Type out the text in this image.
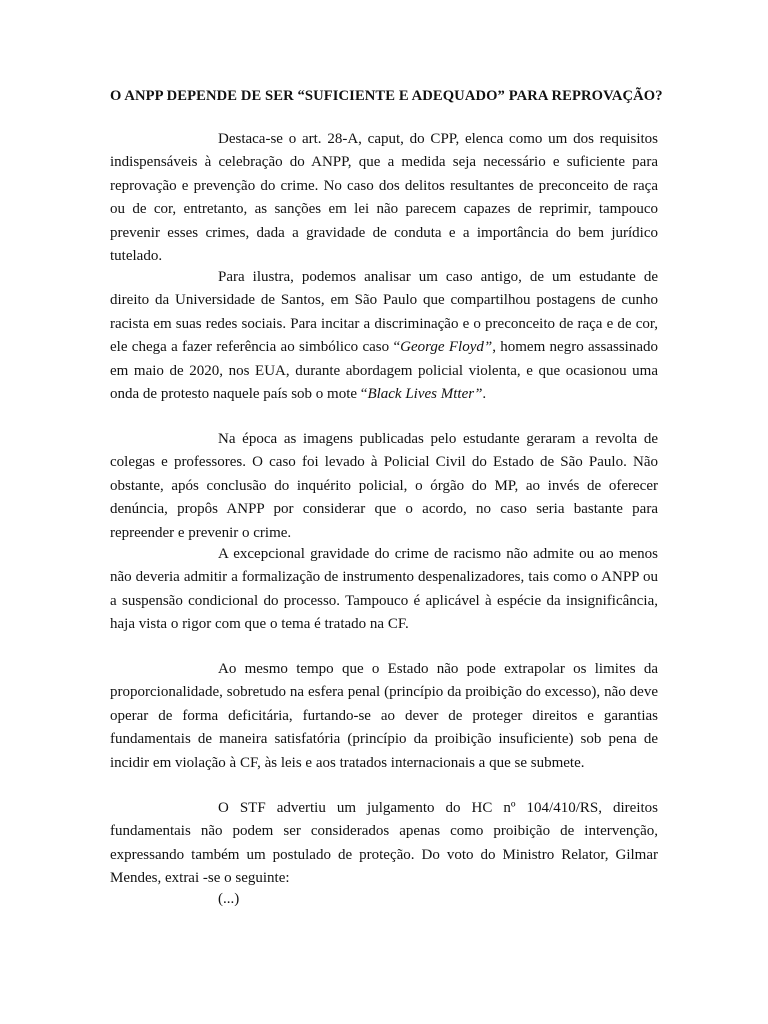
O ANPP DEPENDE DE SER “SUFICIENTE E ADEQUADO” PARA REPROVAÇÃO?

Destaca-se o art. 28-A, caput, do CPP, elenca como um dos requisitos indispensáveis à celebração do ANPP, que a medida seja necessário e suficiente para reprovação e prevenção do crime. No caso dos delitos resultantes de preconceito de raça ou de cor, entretanto, as sanções em lei não parecem capazes de reprimir, tampouco prevenir esses crimes, dada a gravidade de conduta e a importância do bem jurídico tutelado.

Para ilustra, podemos analisar um caso antigo, de um estudante de direito da Universidade de Santos, em São Paulo que compartilhou postagens de cunho racista em suas redes sociais. Para incitar a discriminação e o preconceito de raça e de cor, ele chega a fazer referência ao simbólico caso “George Floyd”, homem negro assassinado em maio de 2020, nos EUA, durante abordagem policial violenta, e que ocasionou uma onda de protesto naquele país sob o mote “Black Lives Mtter”.

Na época as imagens publicadas pelo estudante geraram a revolta de colegas e professores. O caso foi levado à Policial Civil do Estado de São Paulo. Não obstante, após conclusão do inquérito policial, o órgão do MP, ao invés de oferecer denúncia, propôs ANPP por considerar que o acordo, no caso seria bastante para repreender e prevenir o crime.

A excepcional gravidade do crime de racismo não admite ou ao menos não deveria admitir a formalização de instrumento despenalizadores, tais como o ANPP ou a suspensão condicional do processo. Tampouco é aplicável à espécie da insignificância, haja vista o rigor com que o tema é tratado na CF.

Ao mesmo tempo que o Estado não pode extrapolar os limites da proporcionalidade, sobretudo na esfera penal (princípio da proibição do excesso), não deve operar de forma deficitária, furtando-se ao dever de proteger direitos e garantias fundamentais de maneira satisfatória (princípio da proibição insuficiente) sob pena de incidir em violação à CF, às leis e aos tratados internacionais a que se submete.

O STF advertiu um julgamento do HC nº 104/410/RS, direitos fundamentais não podem ser considerados apenas como proibição de intervenção, expressando também um postulado de proteção. Do voto do Ministro Relator, Gilmar Mendes, extrai -se o seguinte:

(...)
